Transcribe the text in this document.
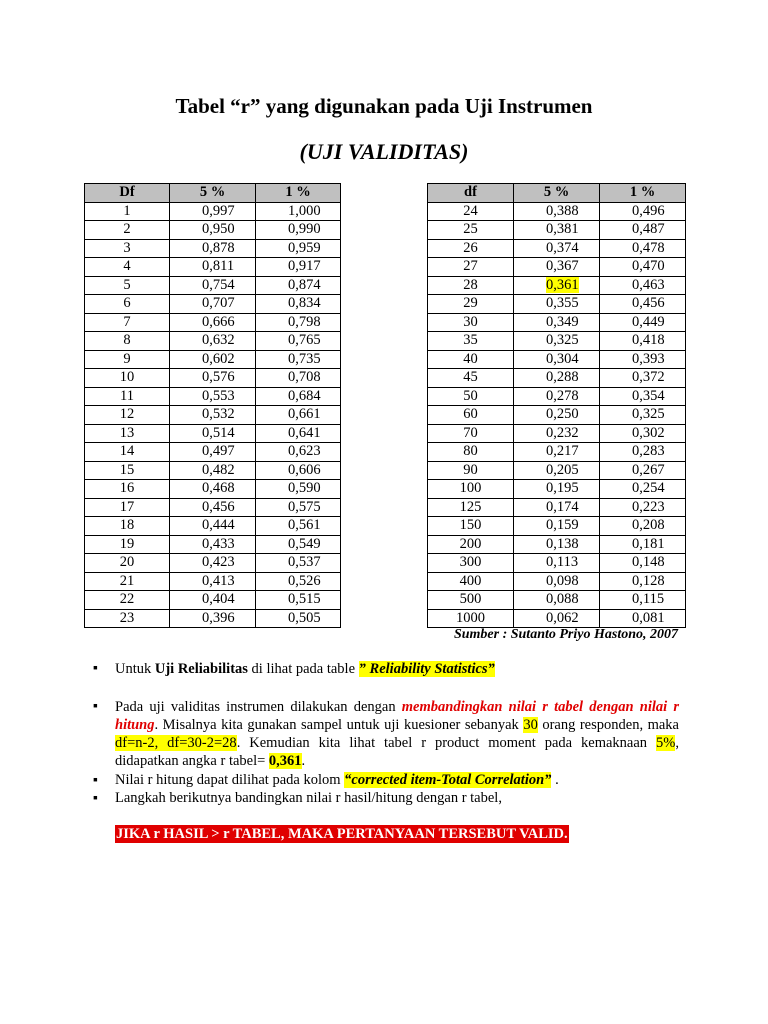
Tabel “r” yang digunakan pada Uji Instrumen
(UJI VALIDITAS)
Df	5 %	1 %
1	0,997	1,000
2	0,950	0,990
3	0,878	0,959
4	0,811	0,917
5	0,754	0,874
6	0,707	0,834
7	0,666	0,798
8	0,632	0,765
9	0,602	0,735
10	0,576	0,708
11	0,553	0,684
12	0,532	0,661
13	0,514	0,641
14	0,497	0,623
15	0,482	0,606
16	0,468	0,590
17	0,456	0,575
18	0,444	0,561
19	0,433	0,549
20	0,423	0,537
21	0,413	0,526
22	0,404	0,515
23	0,396	0,505
df	5 %	1 %
24	0,388	0,496
25	0,381	0,487
26	0,374	0,478
27	0,367	0,470
28	0,361	0,463
29	0,355	0,456
30	0,349	0,449
35	0,325	0,418
40	0,304	0,393
45	0,288	0,372
50	0,278	0,354
60	0,250	0,325
70	0,232	0,302
80	0,217	0,283
90	0,205	0,267
100	0,195	0,254
125	0,174	0,223
150	0,159	0,208
200	0,138	0,181
300	0,113	0,148
400	0,098	0,128
500	0,088	0,115
1000	0,062	0,081
Sumber : Sutanto Priyo Hastono, 2007
▪ Untuk Uji Reliabilitas di lihat pada table ” Reliability Statistics”
▪ Pada uji validitas instrumen dilakukan dengan membandingkan nilai r tabel dengan nilai r hitung. Misalnya kita gunakan sampel untuk uji kuesioner sebanyak 30 orang responden, maka df=n-2, df=30-2=28. Kemudian kita lihat tabel r product moment pada kemaknaan 5%, didapatkan angka r tabel= 0,361.
▪ Nilai r hitung dapat dilihat pada kolom “corrected item-Total Correlation” .
▪ Langkah berikutnya bandingkan nilai r hasil/hitung dengan r tabel,
JIKA r HASIL > r TABEL, MAKA PERTANYAAN TERSEBUT VALID.
